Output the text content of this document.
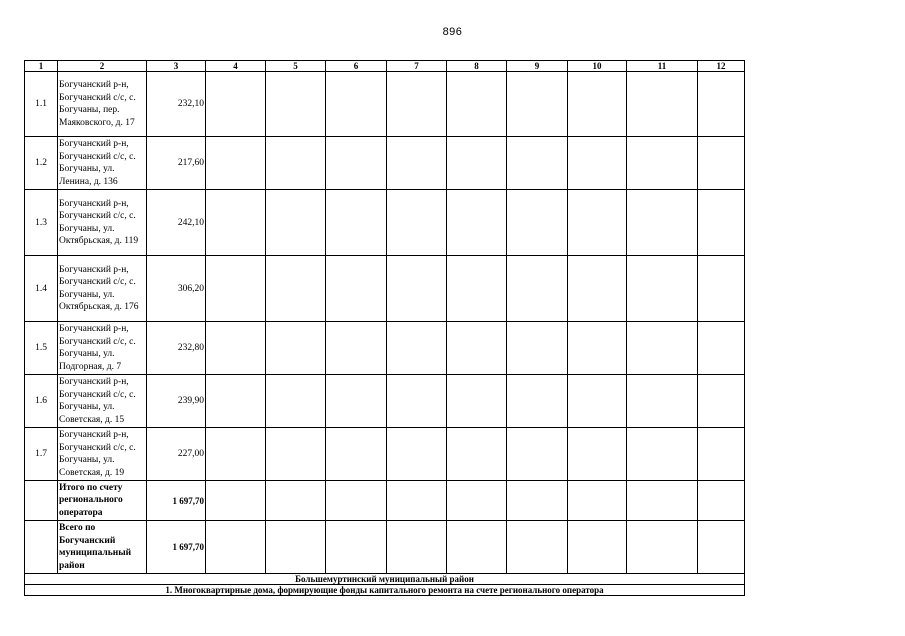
896
1	2	3	4	5	6	7	8	9	10	11	12
1.1	Богучанский р-н, Богучанский с/с, с. Богучаны, пер. Маяковского, д. 17	232,10									
1.2	Богучанский р-н, Богучанский с/с, с. Богучаны, ул. Ленина, д. 136	217,60									
1.3	Богучанский р-н, Богучанский с/с, с. Богучаны, ул. Октябрьская, д. 119	242,10									
1.4	Богучанский р-н, Богучанский с/с, с. Богучаны, ул. Октябрьская, д. 176	306,20									
1.5	Богучанский р-н, Богучанский с/с, с. Богучаны, ул. Подгорная, д. 7	232,80									
1.6	Богучанский р-н, Богучанский с/с, с. Богучаны, ул. Советская, д. 15	239,90									
1.7	Богучанский р-н, Богучанский с/с, с. Богучаны, ул. Советская, д. 19	227,00									
	Итого по счету регионального оператора	1 697,70									
	Всего по Богучанский муниципальный район	1 697,70									
Большемуртинский муниципальный район											
1. Многоквартирные дома, формирующие фонды капитального ремонта на счете регионального оператора											
